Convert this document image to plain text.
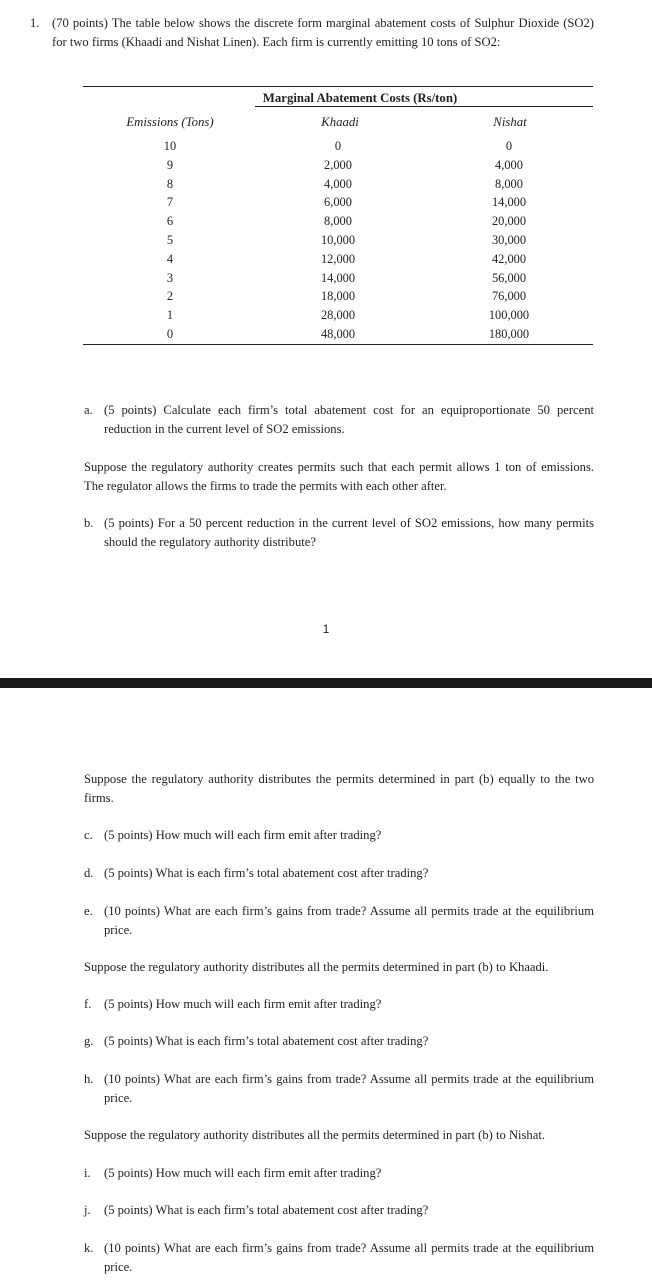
1. (70 points) The table below shows the discrete form marginal abatement costs of Sulphur Dioxide (SO2) for two firms (Khaadi and Nishat Linen). Each firm is currently emitting 10 tons of SO2:
Marginal Abatement Costs (Rs/ton)
Emissions (Tons)	Khaadi	Nishat
10
9
8
7
6
5
4
3
2
1
0
0
2,000
4,000
6,000
8,000
10,000
12,000
14,000
18,000
28,000
48,000
0
4,000
8,000
14,000
20,000
30,000
42,000
56,000
76,000
100,000
180,000
a. (5 points) Calculate each firm’s total abatement cost for an equiproportionate 50 percent reduction in the current level of SO2 emissions.
Suppose the regulatory authority creates permits such that each permit allows 1 ton of emissions. The regulator allows the firms to trade the permits with each other after.
b. (5 points) For a 50 percent reduction in the current level of SO2 emissions, how many permits should the regulatory authority distribute?
1
Suppose the regulatory authority distributes the permits determined in part (b) equally to the two firms.
c. (5 points) How much will each firm emit after trading?
d. (5 points) What is each firm’s total abatement cost after trading?
e. (10 points) What are each firm’s gains from trade? Assume all permits trade at the equilibrium price.
Suppose the regulatory authority distributes all the permits determined in part (b) to Khaadi.
f. (5 points) How much will each firm emit after trading?
g. (5 points) What is each firm’s total abatement cost after trading?
h. (10 points) What are each firm’s gains from trade? Assume all permits trade at the equilibrium price.
Suppose the regulatory authority distributes all the permits determined in part (b) to Nishat.
i. (5 points) How much will each firm emit after trading?
j. (5 points) What is each firm’s total abatement cost after trading?
k. (10 points) What are each firm’s gains from trade? Assume all permits trade at the equilibrium price.
